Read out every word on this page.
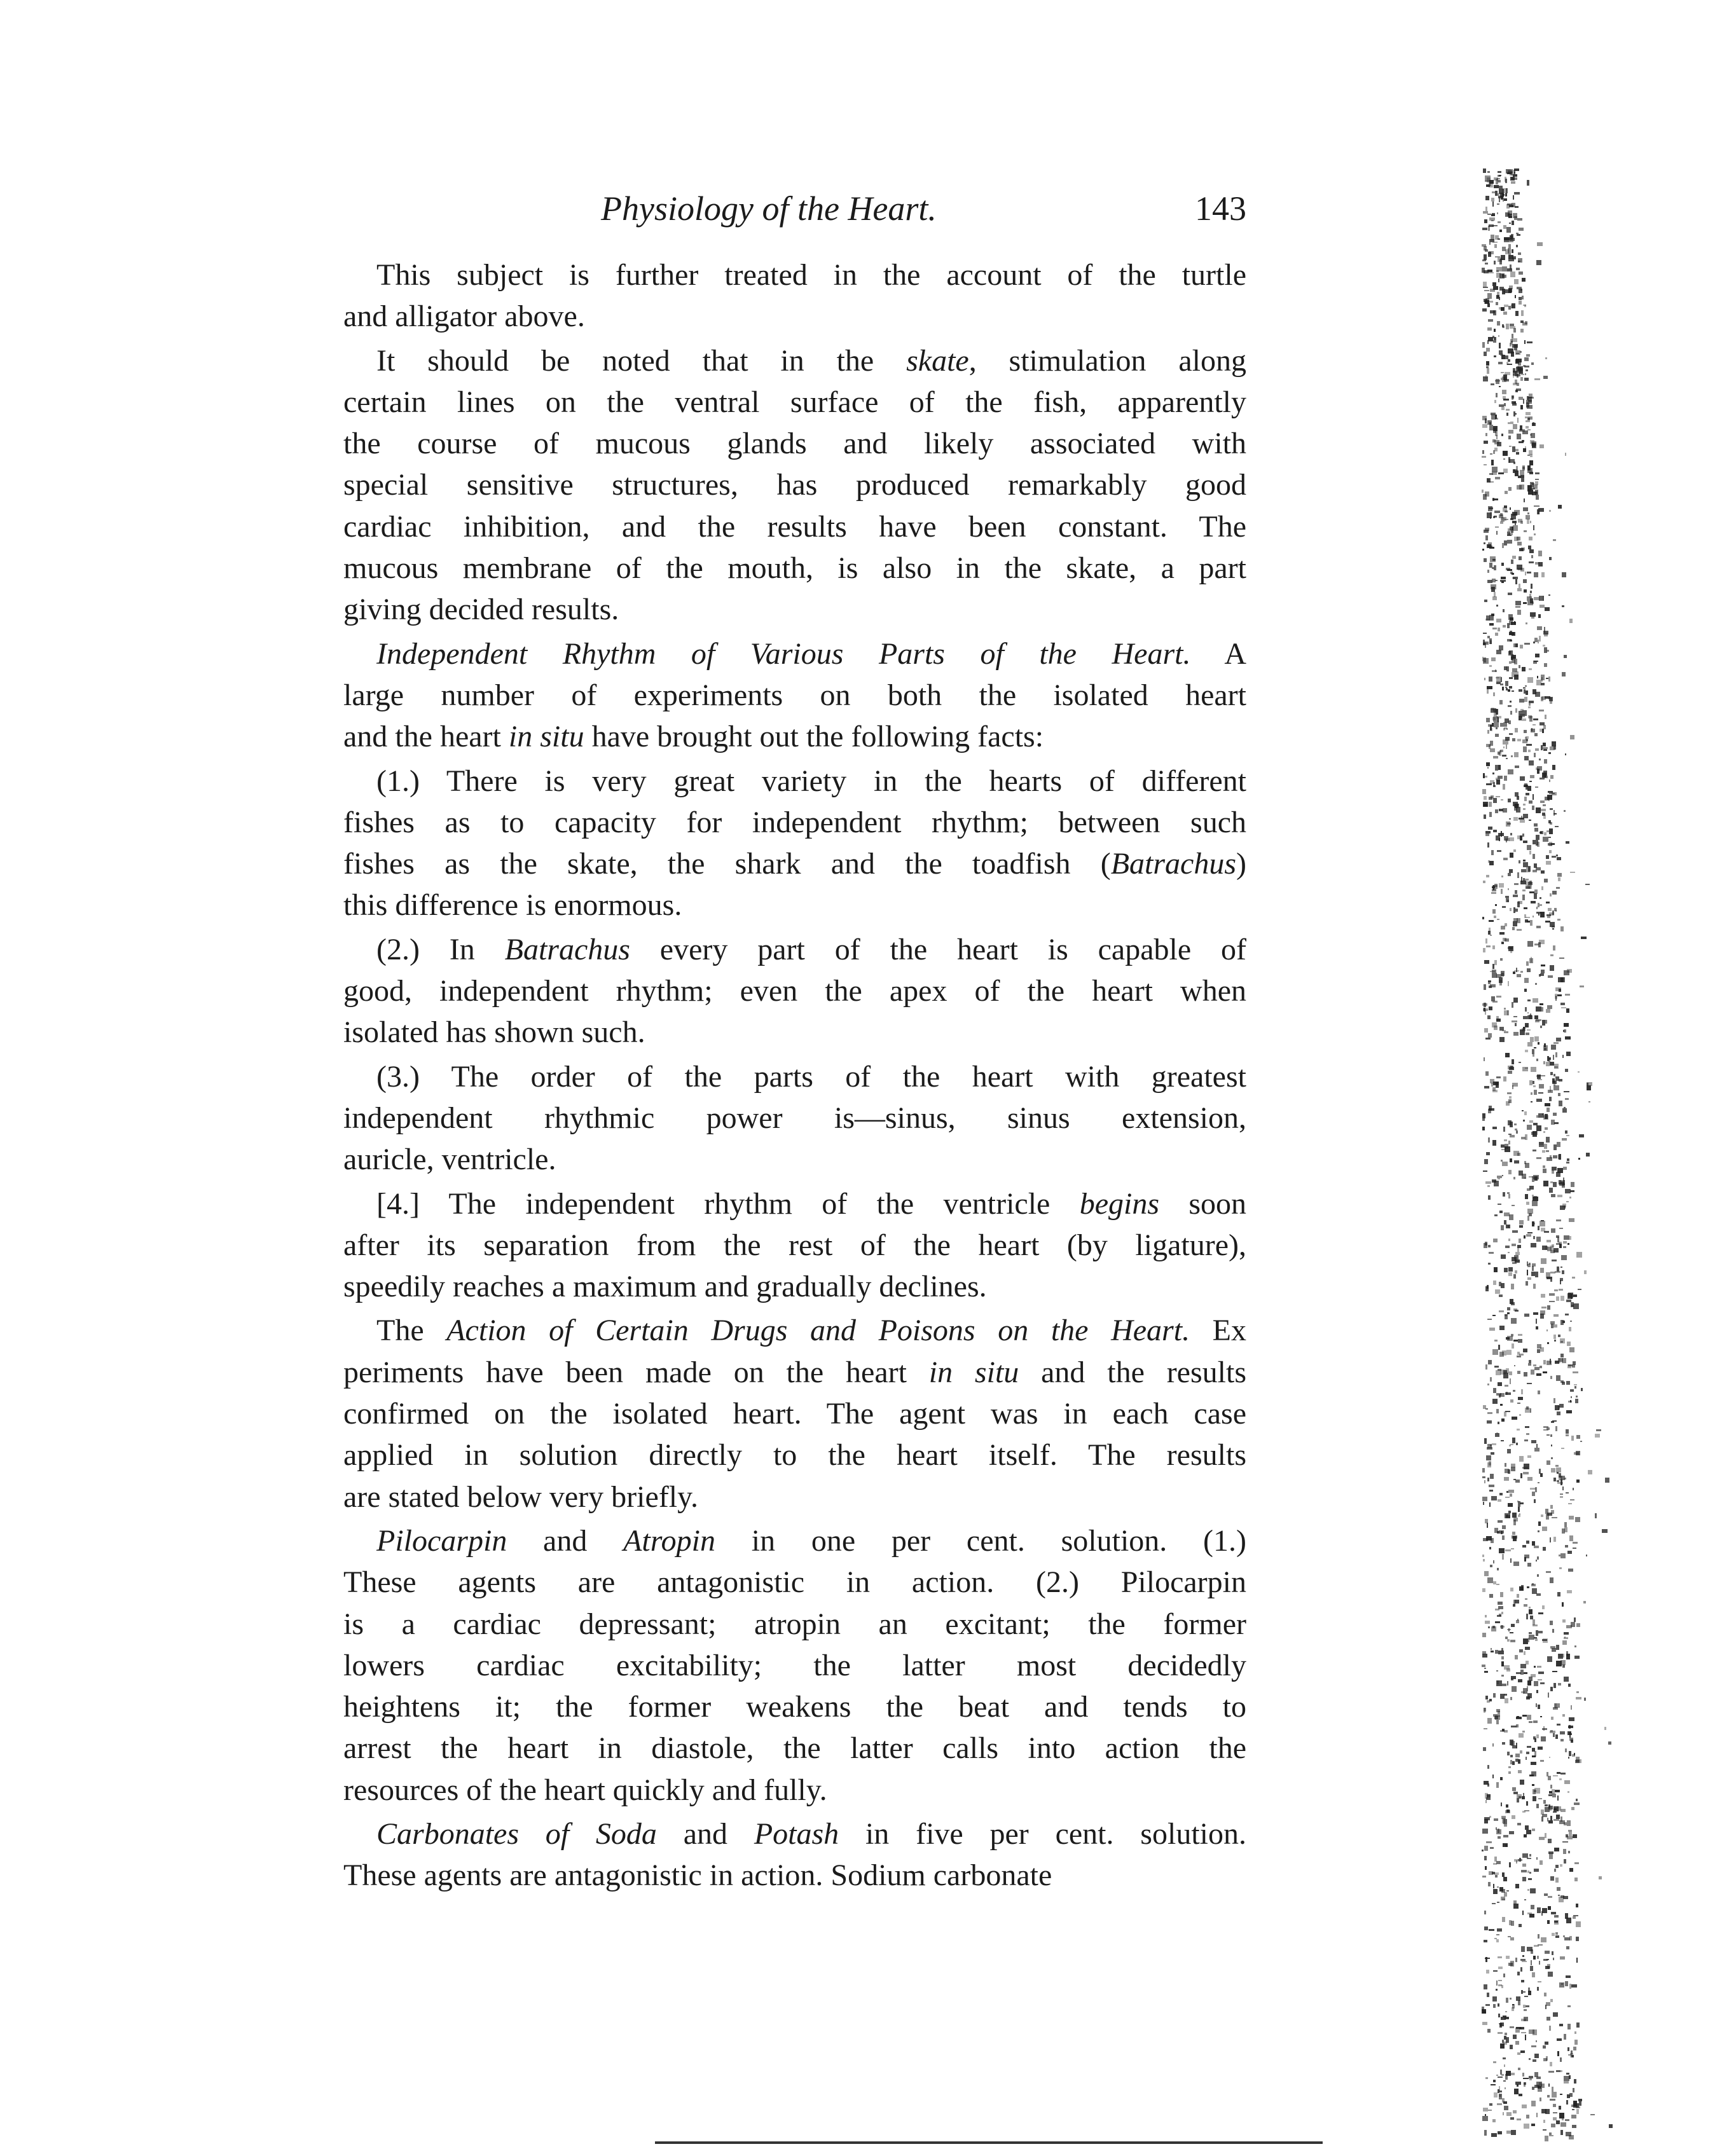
Physiology of the Heart.	143
This subject is further treated in the account of the turtle
and alligator above.
It should be noted that in the skate, stimulation along
certain lines on the ventral surface of the fish, apparently
the course of mucous glands and likely associated with
special sensitive structures, has produced remarkably good
cardiac inhibition, and the results have been constant. The
mucous membrane of the mouth, is also in the skate, a part
giving decided results.
Independent Rhythm of Various Parts of the Heart. A
large number of experiments on both the isolated heart
and the heart in situ have brought out the following facts:
(1.) There is very great variety in the hearts of different
fishes as to capacity for independent rhythm; between such
fishes as the skate, the shark and the toadfish (Batrachus)
this difference is enormous.
(2.) In Batrachus every part of the heart is capable of
good, independent rhythm; even the apex of the heart when
isolated has shown such.
(3.) The order of the parts of the heart with greatest
independent rhythmic power is—sinus, sinus extension,
auricle, ventricle.
[4.] The independent rhythm of the ventricle begins soon
after its separation from the rest of the heart (by ligature),
speedily reaches a maximum and gradually declines.
The Action of Certain Drugs and Poisons on the Heart. Ex
periments have been made on the heart in situ and the results
confirmed on the isolated heart. The agent was in each case
applied in solution directly to the heart itself. The results
are stated below very briefly.
Pilocarpin and Atropin in one per cent. solution. (1.)
These agents are antagonistic in action. (2.) Pilocarpin
is a cardiac depressant; atropin an excitant; the former
lowers cardiac excitability; the latter most decidedly
heightens it; the former weakens the beat and tends to
arrest the heart in diastole, the latter calls into action the
resources of the heart quickly and fully.
Carbonates of Soda and Potash in five per cent. solution.
These agents are antagonistic in action. Sodium carbonate
